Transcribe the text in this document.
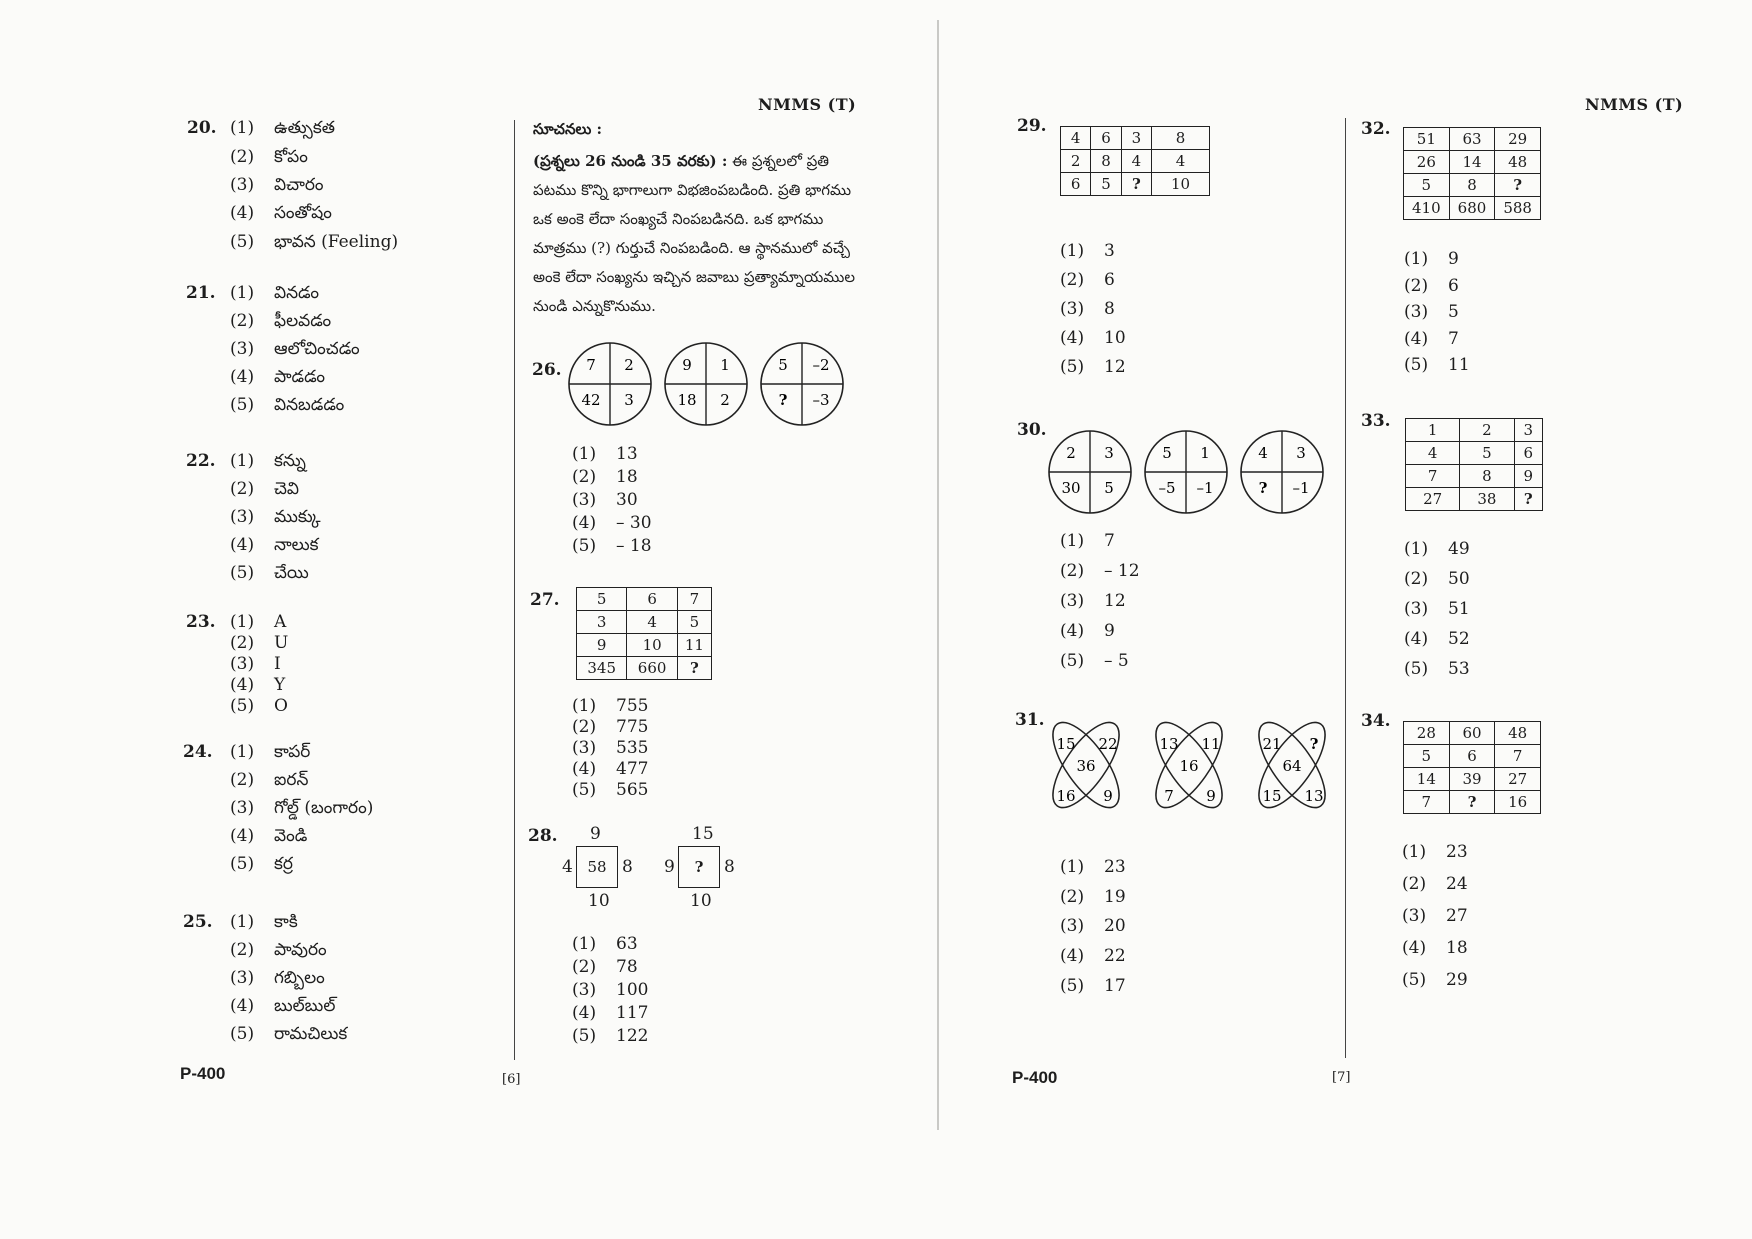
NMMS (T)	NMMS (T)
20. (1) ఉత్సుకత
(2) కోపం
(3) విచారం
(4) సంతోషం
(5) భావన (Feeling)
21. (1) వినడం
(2) ఫీలవడం
(3) ఆలోచించడం
(4) పాడడం
(5) వినబడడం
22. (1) కన్ను
(2) చెవి
(3) ముక్కు
(4) నాలుక
(5) చేయి
23. (1) A
(2) U
(3) I
(4) Y
(5) O
24. (1) కాపర్
(2) ఐరన్
(3) గోల్డ్ (బంగారం)
(4) వెండి
(5) కర్ర
25. (1) కాకి
(2) పావురం
(3) గబ్బిలం
(4) బుల్‌బుల్
(5) రామచిలుక
సూచనలు :
(ప్రశ్నలు 26 నుండి 35 వరకు) : ఈ ప్రశ్నలలో ప్రతి పటము కొన్ని భాగాలుగా విభజింపబడింది. ప్రతి భాగము ఒక అంకె లేదా సంఖ్యచే నింపబడినది. ఒక భాగము మాత్రము (?) గుర్తుచే నింపబడింది. ఆ స్థానములో వచ్చే అంకె లేదా సంఖ్యను ఇచ్చిన జవాబు ప్రత్యామ్నాయముల నుండి ఎన్నుకొనుము.
26.
(1) 13
(2) 18
(3) 30
(4) – 30
(5) – 18
7 2
42 3
9 1
18 2
5 –2
? –3
27.
(1) 755
(2) 775
(3) 535
(4) 477
(5) 565
5	6	7
3	4	5
9	10	11
345	660	?
28.
(1) 63
(2) 78
(3) 100
(4) 117
(5) 122
58
9
4	8
10
?
15
9	8
10
29.
(1) 3
(2) 6
(3) 8
(4) 10
(5) 12
4	6	3	8
2	8	4	4
6	5	?	10
30.
(1) 7
(2) – 12
(3) 12
(4) 9
(5) – 5
2 3
30 5
5 1
–5 –1
4 3
? –1
31.
(1) 23
(2) 19
(3) 20
(4) 22
(5) 17
15 22
36
16 9
13 11
16
7 9
21 ?
64
15 13
32.
(1) 9
(2) 6
(3) 5
(4) 7
(5) 11
51	63	29
26	14	48
5	8	?
410	680	588
33.
(1) 49
(2) 50
(3) 51
(4) 52
(5) 53
1	2	3
4	5	6
7	8	9
27	38	?
34.
(1) 23
(2) 24
(3) 27
(4) 18
(5) 29
28	60	48
5	6	7
14	39	27
7	?	16
P-400	[6]	P-400	[7]
